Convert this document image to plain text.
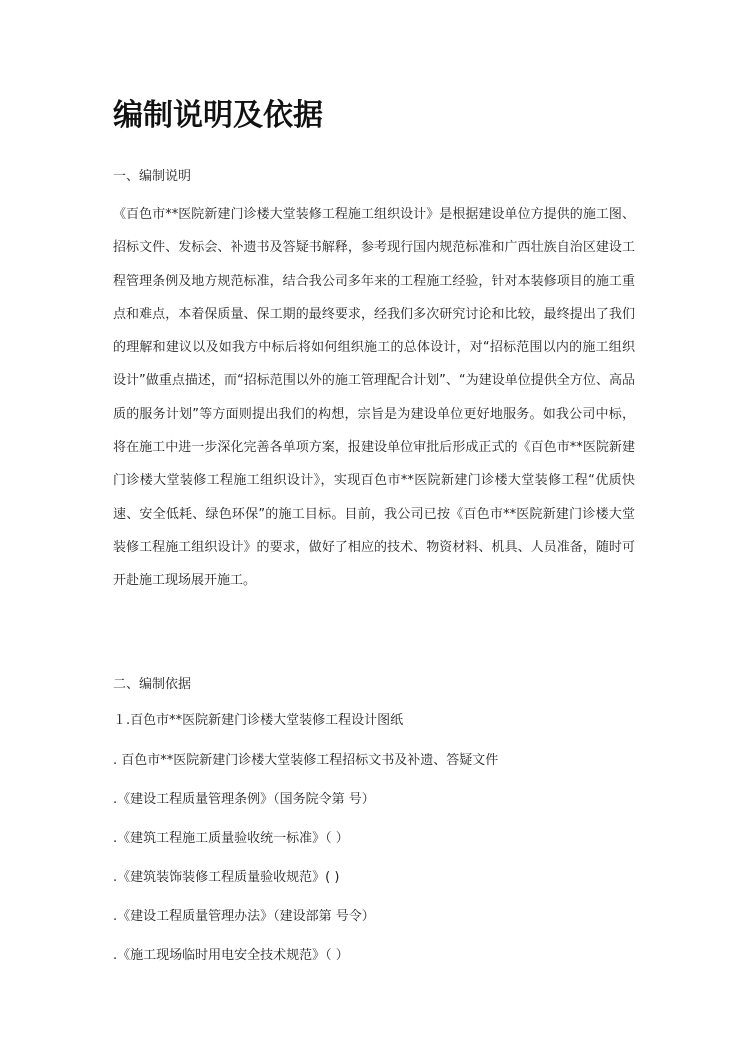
编制说明及依据
一、编制说明
《百色市**医院新建门诊楼大堂装修工程施工组织设计》是根据建设单位方提供的施工图、招标文件、发标会、补遗书及答疑书解释，参考现行国内规范标准和广西壮族自治区建设工程管理条例及地方规范标准，结合我公司多年来的工程施工经验，针对本装修项目的施工重点和难点，本着保质量、保工期的最终要求，经我们多次研究讨论和比较，最终提出了我们的理解和建议以及如我方中标后将如何组织施工的总体设计，对“招标范围以内的施工组织设计”做重点描述，而“招标范围以外的施工管理配合计划”、“为建设单位提供全方位、高品质的服务计划”等方面则提出我们的构想，宗旨是为建设单位更好地服务。如我公司中标，将在施工中进一步深化完善各单项方案，报建设单位审批后形成正式的《百色市**医院新建门诊楼大堂装修工程施工组织设计》，实现百色市**医院新建门诊楼大堂装修工程“优质快速、安全低耗、绿色环保”的施工目标。目前，我公司已按《百色市**医院新建门诊楼大堂装修工程施工组织设计》的要求，做好了相应的技术、物资材料、机具、人员准备，随时可开赴施工现场展开施工。
二、编制依据
１.百色市**医院新建门诊楼大堂装修工程设计图纸
. 百色市**医院新建门诊楼大堂装修工程招标文书及补遗、答疑文件
.《建设工程质量管理条例》（国务院令第 号）
.《建筑工程施工质量验收统一标准》（ ）
.《建筑装饰装修工程质量验收规范》( )
.《建设工程质量管理办法》（建设部第 号令）
.《施工现场临时用电安全技术规范》（ ）
